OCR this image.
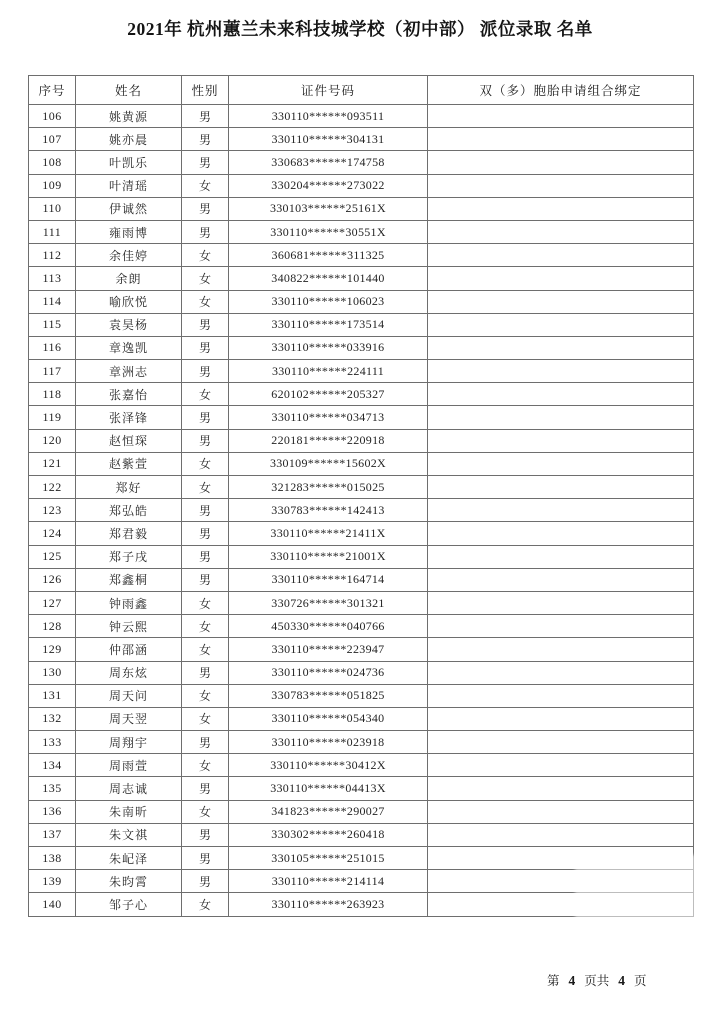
2021年 杭州蕙兰未来科技城学校（初中部） 派位录取 名单
序号	姓名	性别	证件号码	双（多）胞胎申请组合绑定
106	姚黄源	男	330110******093511	
107	姚亦晨	男	330110******304131	
108	叶凯乐	男	330683******174758	
109	叶清瑶	女	330204******273022	
110	伊诚然	男	330103******25161X	
111	雍雨博	男	330110******30551X	
112	余佳婷	女	360681******311325	
113	余朗	女	340822******101440	
114	喻欣悦	女	330110******106023	
115	袁昊杨	男	330110******173514	
116	章逸凯	男	330110******033916	
117	章洲志	男	330110******224111	
118	张嘉怡	女	620102******205327	
119	张泽锋	男	330110******034713	
120	赵恒琛	男	220181******220918	
121	赵紫萱	女	330109******15602X	
122	郑好	女	321283******015025	
123	郑弘皓	男	330783******142413	
124	郑君毅	男	330110******21411X	
125	郑子戌	男	330110******21001X	
126	郑鑫桐	男	330110******164714	
127	钟雨鑫	女	330726******301321	
128	钟云熙	女	450330******040766	
129	仲邵涵	女	330110******223947	
130	周东炫	男	330110******024736	
131	周天问	女	330783******051825	
132	周天翌	女	330110******054340	
133	周翔宇	男	330110******023918	
134	周雨萱	女	330110******30412X	
135	周志诚	男	330110******04413X	
136	朱南昕	女	341823******290027	
137	朱文祺	男	330302******260418	
138	朱屺泽	男	330105******251015	
139	朱昀霄	男	330110******214114	
140	邹子心	女	330110******263923	
第 4 页共 4 页
